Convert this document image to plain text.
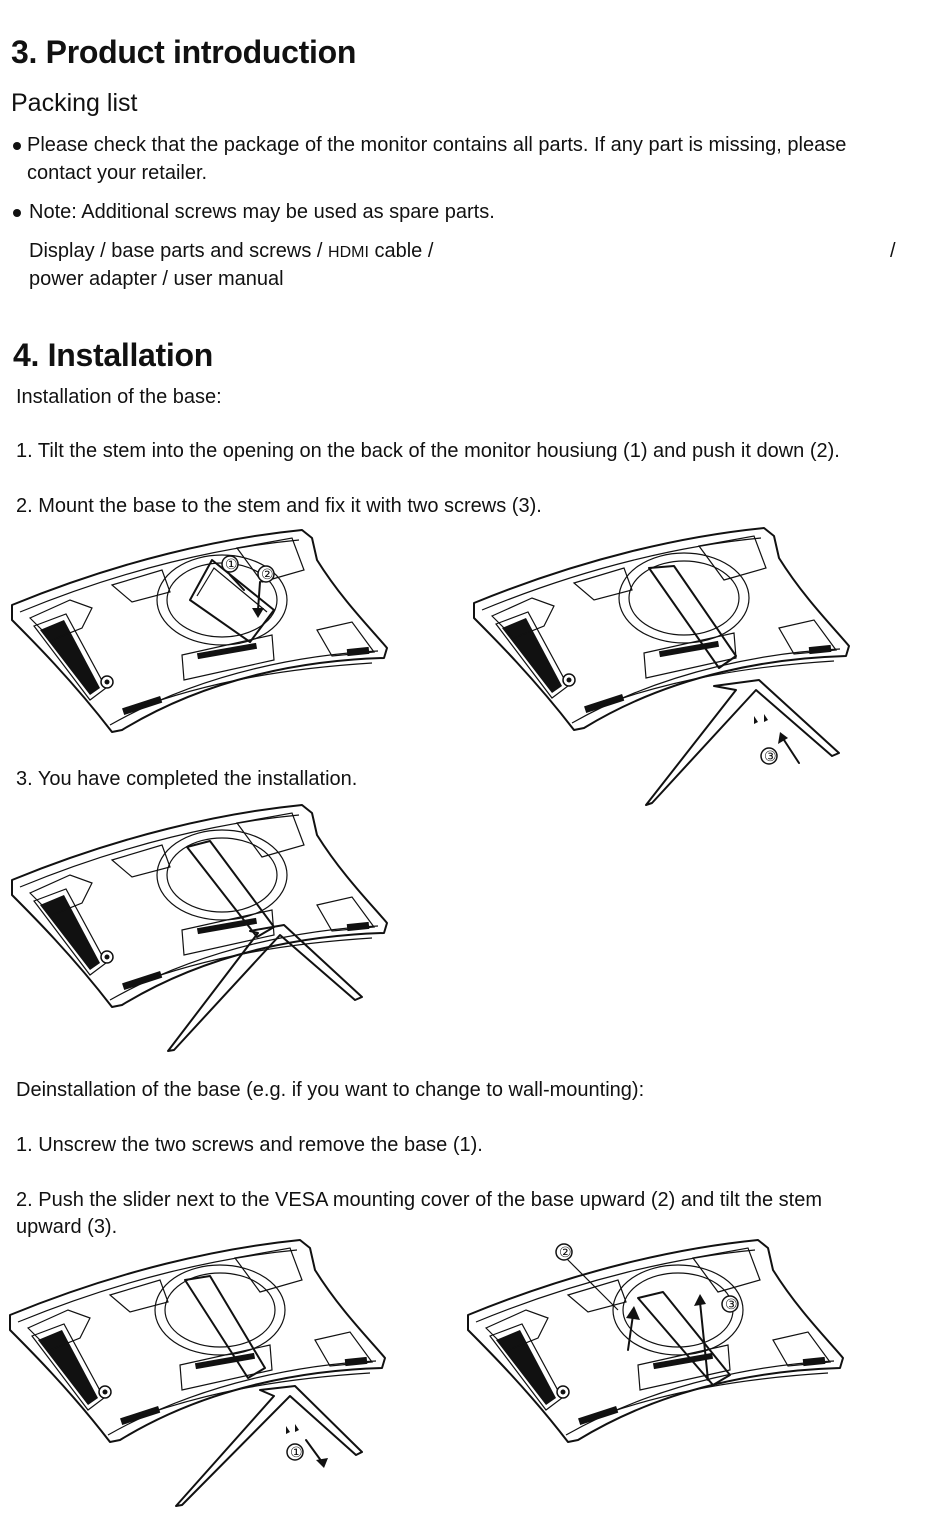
3. Product introduction
Packing list
Please check that the package of the monitor contains all parts. If any part is missing, please
contact your retailer.
Note: Additional screws may be used as spare parts.
Display / base parts and screws / HDMI cable /	/
power adapter / user manual
4. Installation
Installation of the base:
1. Tilt the stem into the opening on the back of the monitor housiung (1) and push it down (2).
2. Mount the base to the stem and fix it with two screws (3).
3. You have completed the installation.
Deinstallation of the base (e.g. if you want to change to wall-mounting):
1. Unscrew the two screws and remove the base (1).
2. Push the slider next to the VESA mounting cover of the base upward (2) and tilt the stem
upward (3).
①
②
③
①
②
③
